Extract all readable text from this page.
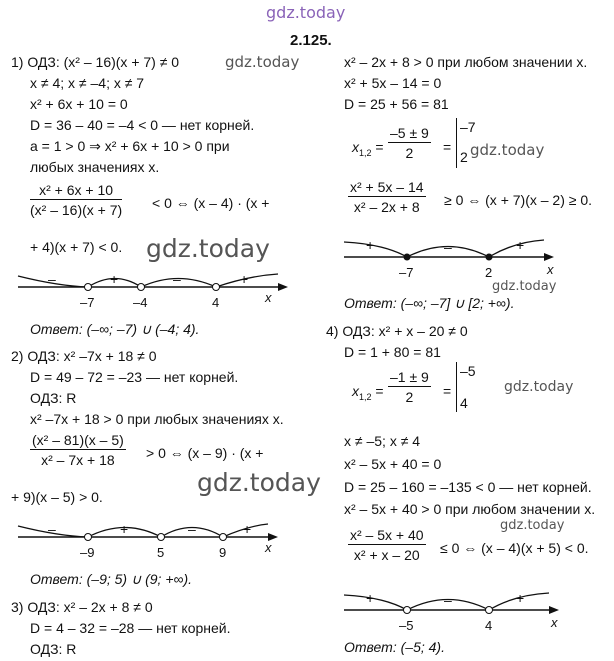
gdz.today
2.125.
1) ОДЗ: (x² – 16)(x + 7) ≠ 0	gdz.today
x ≠ 4; x ≠ –4; x ≠ 7
x² + 6x + 10 = 0
D = 36 – 40 = –4 < 0 — нет корней.
a = 1 > 0 ⇒ x² + 6x + 10 > 0 при
любых значениях x.
$\frac{\text{x² + 6x + 10}}{\text{(x² – 16)(x + 7)}} < 0$ ⇔ (x – 4) · (x +
+ 4)(x + 7) < 0. gdz.today
–	+	–	+
–7	–4	4	x
Ответ: (–∞; –7) ∪ (–4; 4).
2) ОДЗ: x² –7x + 18 ≠ 0
D = 49 – 72 = –23 — нет корней.
ОДЗ: R
x² –7x + 18 > 0 при любых значениях x.
$\frac{\text{(x² – 81)(x – 5)}}{\text{x² – 7x + 18}} > 0$ ⇔ (x – 9) · (x +
+ 9)(x – 5) > 0.	gdz.today
–	+	–	+
–9	5	9	x
Ответ: (–9; 5) ∪ (9; +∞).
3) ОДЗ: x² – 2x + 8 ≠ 0
D = 4 – 32 = –28 — нет корней.
ОДЗ: R
x² – 2x + 8 > 0 при любом значении x.
x² + 5x – 14 = 0
D = 25 + 56 = 81
$x_{1,2} = \frac{-5 \pm 9}{2}$ =
–7
2 gdz.today
$\frac{\text{x² + 5x – 14}}{\text{x² – 2x + 8}} \ge 0$ ⇔ (x + 7)(x – 2) ≥ 0.
+	–	+
–7	2	x
gdz.today
Ответ: (–∞; –7] ∪ [2; +∞).
4) ОДЗ: x² + x – 20 ≠ 0
D = 1 + 80 = 81
$x_{1,2} = \frac{-1 \pm 9}{2}$ =
–5
4
gdz.today
x ≠ –5; x ≠ 4
x² – 5x + 40 = 0
D = 25 – 160 = –135 < 0 — нет корней.
x² – 5x + 40 > 0 при любом значении x.
gdz.today
$\frac{\text{x² – 5x + 40}}{\text{x² + x – 20}} \le 0$ ⇔ (x – 4)(x + 5) < 0.
+	–	+
–5	4	x
Ответ: (–5; 4).
